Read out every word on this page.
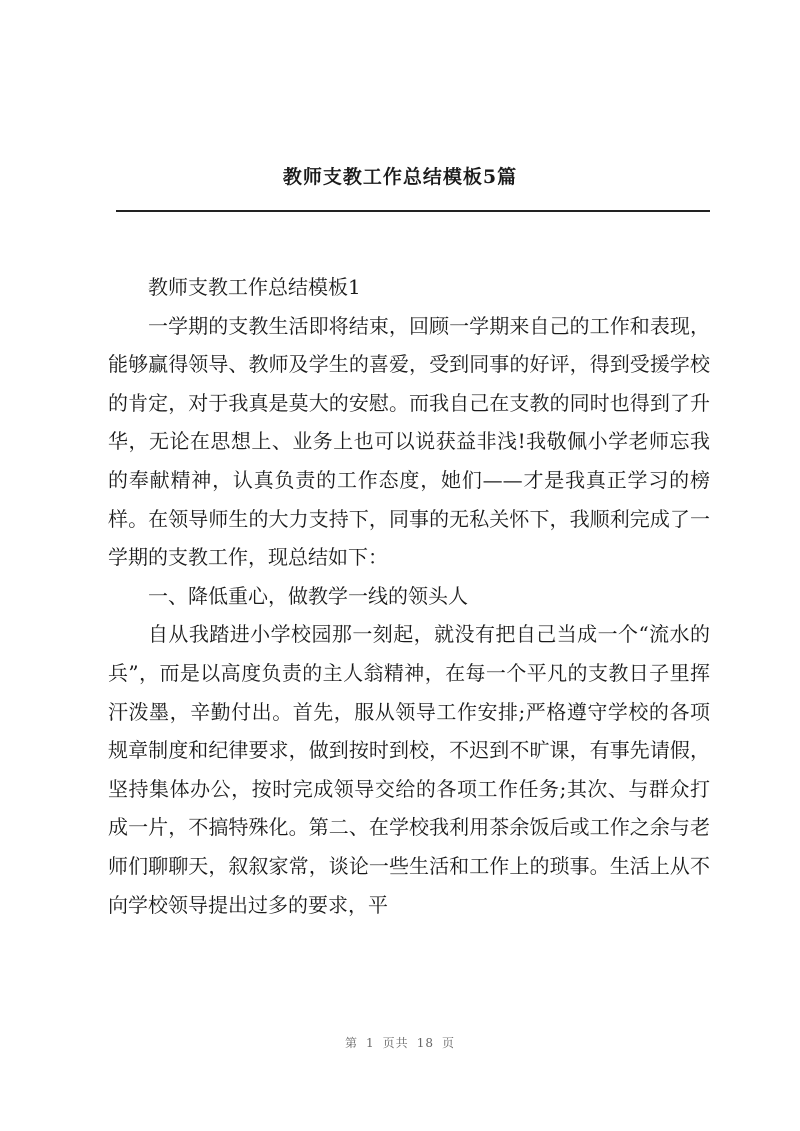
教师支教工作总结模板5篇

教师支教工作总结模板1

一学期的支教生活即将结束，回顾一学期来自己的工作和表现，能够赢得领导、教师及学生的喜爱，受到同事的好评，得到受援学校的肯定，对于我真是莫大的安慰。而我自己在支教的同时也得到了升华，无论在思想上、业务上也可以说获益非浅!我敬佩小学老师忘我的奉献精神，认真负责的工作态度，她们——才是我真正学习的榜样。在领导师生的大力支持下，同事的无私关怀下，我顺利完成了一学期的支教工作，现总结如下：

一、降低重心，做教学一线的领头人

自从我踏进小学校园那一刻起，就没有把自己当成一个“流水的兵”，而是以高度负责的主人翁精神，在每一个平凡的支教日子里挥汗泼墨，辛勤付出。首先，服从领导工作安排;严格遵守学校的各项规章制度和纪律要求，做到按时到校，不迟到不旷课，有事先请假，坚持集体办公，按时完成领导交给的各项工作任务;其次、与群众打成一片，不搞特殊化。第二、在学校我利用茶余饭后或工作之余与老师们聊聊天，叙叙家常，谈论一些生活和工作上的琐事。生活上从不向学校领导提出过多的要求，平

第 1 页共 18 页
